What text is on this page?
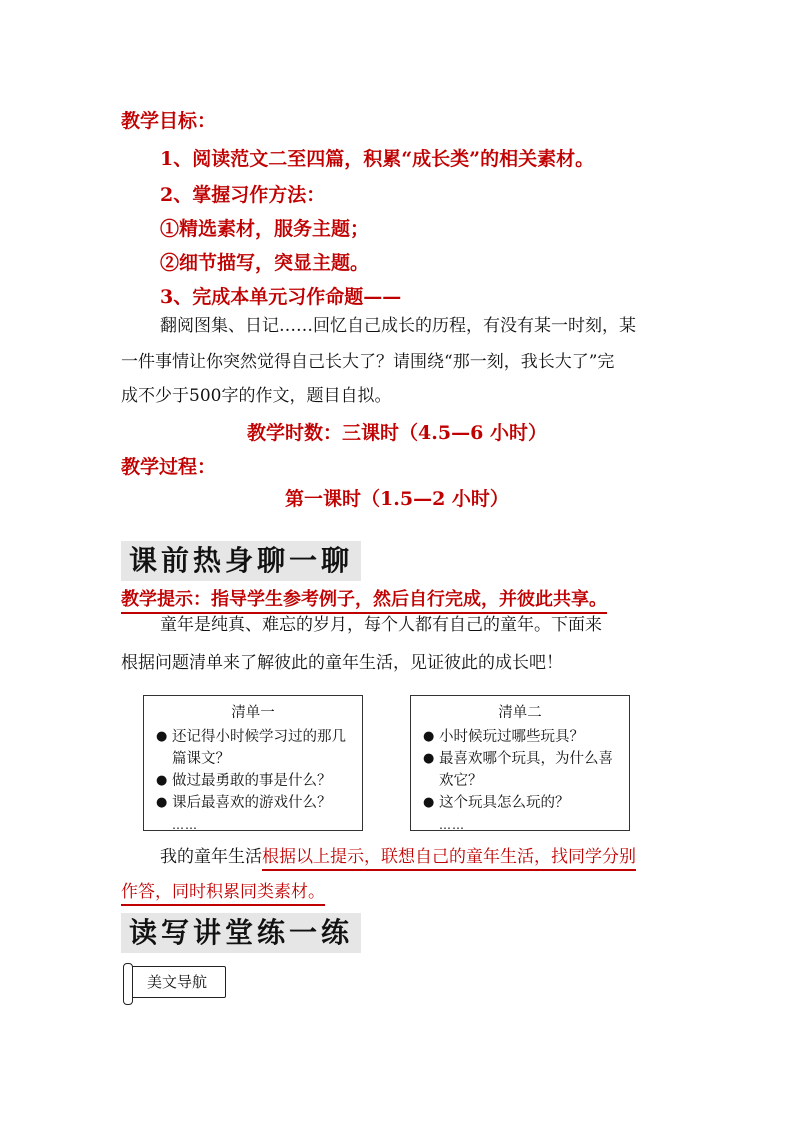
教学目标：
1、阅读范文二至四篇，积累“成长类”的相关素材。
2、掌握习作方法：
①精选素材，服务主题；
②细节描写，突显主题。
3、完成本单元习作命题——
翻阅图集、日记……回忆自己成长的历程，有没有某一时刻，某
一件事情让你突然觉得自己长大了？请围绕“那一刻，我长大了”完
成不少于500字的作文，题目自拟。
教学时数：三课时（4.5—6 小时）
教学过程：
第一课时（1.5—2 小时）
课前热身聊一聊
教学提示：指导学生参考例子，然后自行完成，并彼此共享。
童年是纯真、难忘的岁月，每个人都有自己的童年。下面来
根据问题清单来了解彼此的童年生活，见证彼此的成长吧！
清单一
● 还记得小时候学习过的那几篇课文？
● 做过最勇敢的事是什么？
● 课后最喜欢的游戏什么？
……
清单二
● 小时候玩过哪些玩具？
● 最喜欢哪个玩具，为什么喜欢它？
● 这个玩具怎么玩的？
……
我的童年生活根据以上提示，联想自己的童年生活，找同学分别
作答，同时积累同类素材。
读写讲堂练一练
美文导航
